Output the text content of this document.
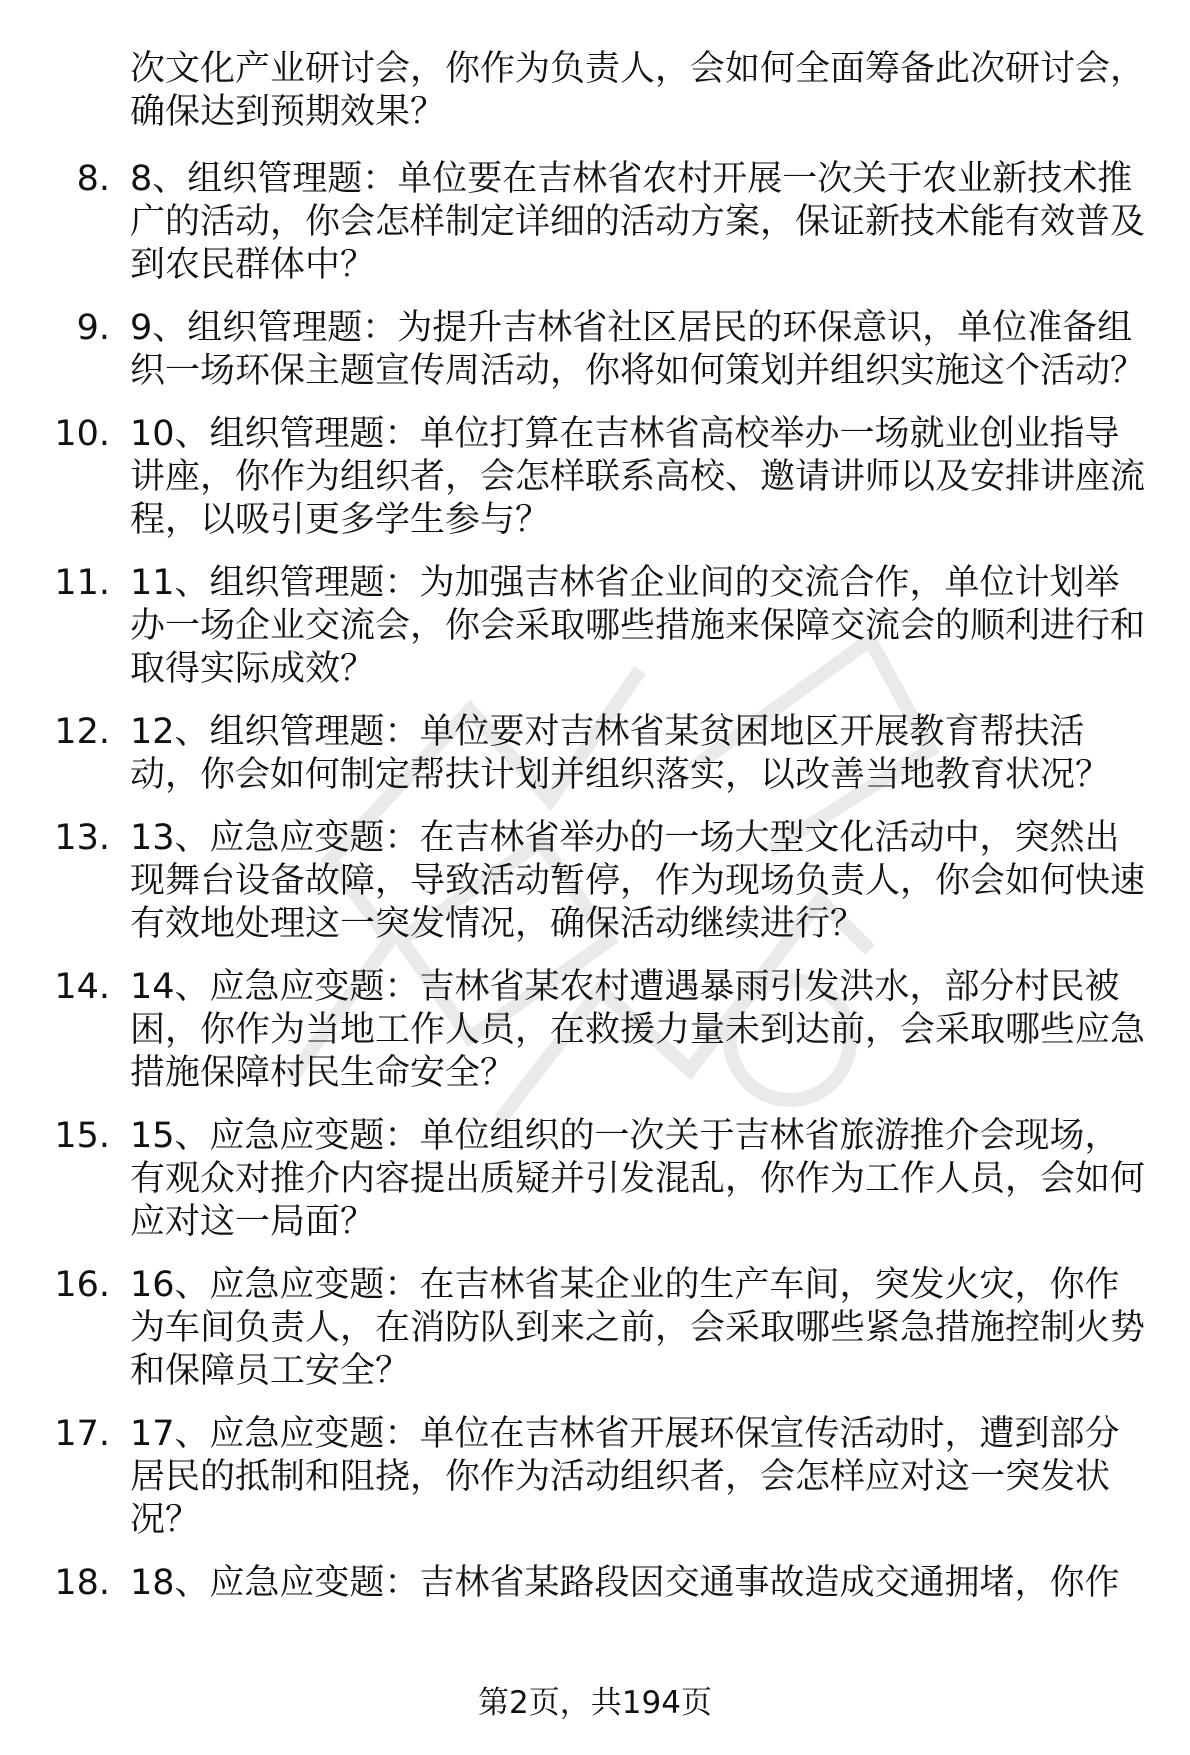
次文化产业研讨会，你作为负责人，会如何全面筹备此次研讨会，确保达到预期效果？
8. 8、组织管理题：单位要在吉林省农村开展一次关于农业新技术推广的活动，你会怎样制定详细的活动方案，保证新技术能有效普及到农民群体中？
9. 9、组织管理题：为提升吉林省社区居民的环保意识，单位准备组织一场环保主题宣传周活动，你将如何策划并组织实施这个活动？
10. 10、组织管理题：单位打算在吉林省高校举办一场就业创业指导讲座，你作为组织者，会怎样联系高校、邀请讲师以及安排讲座流程，以吸引更多学生参与？
11. 11、组织管理题：为加强吉林省企业间的交流合作，单位计划举办一场企业交流会，你会采取哪些措施来保障交流会的顺利进行和取得实际成效？
12. 12、组织管理题：单位要对吉林省某贫困地区开展教育帮扶活动，你会如何制定帮扶计划并组织落实，以改善当地教育状况？
13. 13、应急应变题：在吉林省举办的一场大型文化活动中，突然出现舞台设备故障，导致活动暂停，作为现场负责人，你会如何快速有效地处理这一突发情况，确保活动继续进行？
14. 14、应急应变题：吉林省某农村遭遇暴雨引发洪水，部分村民被困，你作为当地工作人员，在救援力量未到达前，会采取哪些应急措施保障村民生命安全？
15. 15、应急应变题：单位组织的一次关于吉林省旅游推介会现场，有观众对推介内容提出质疑并引发混乱，你作为工作人员，会如何应对这一局面？
16. 16、应急应变题：在吉林省某企业的生产车间，突发火灾，你作为车间负责人，在消防队到来之前，会采取哪些紧急措施控制火势和保障员工安全？
17. 17、应急应变题：单位在吉林省开展环保宣传活动时，遭到部分居民的抵制和阻挠，你作为活动组织者，会怎样应对这一突发状况？
18. 18、应急应变题：吉林省某路段因交通事故造成交通拥堵，你作
第2页，共194页
